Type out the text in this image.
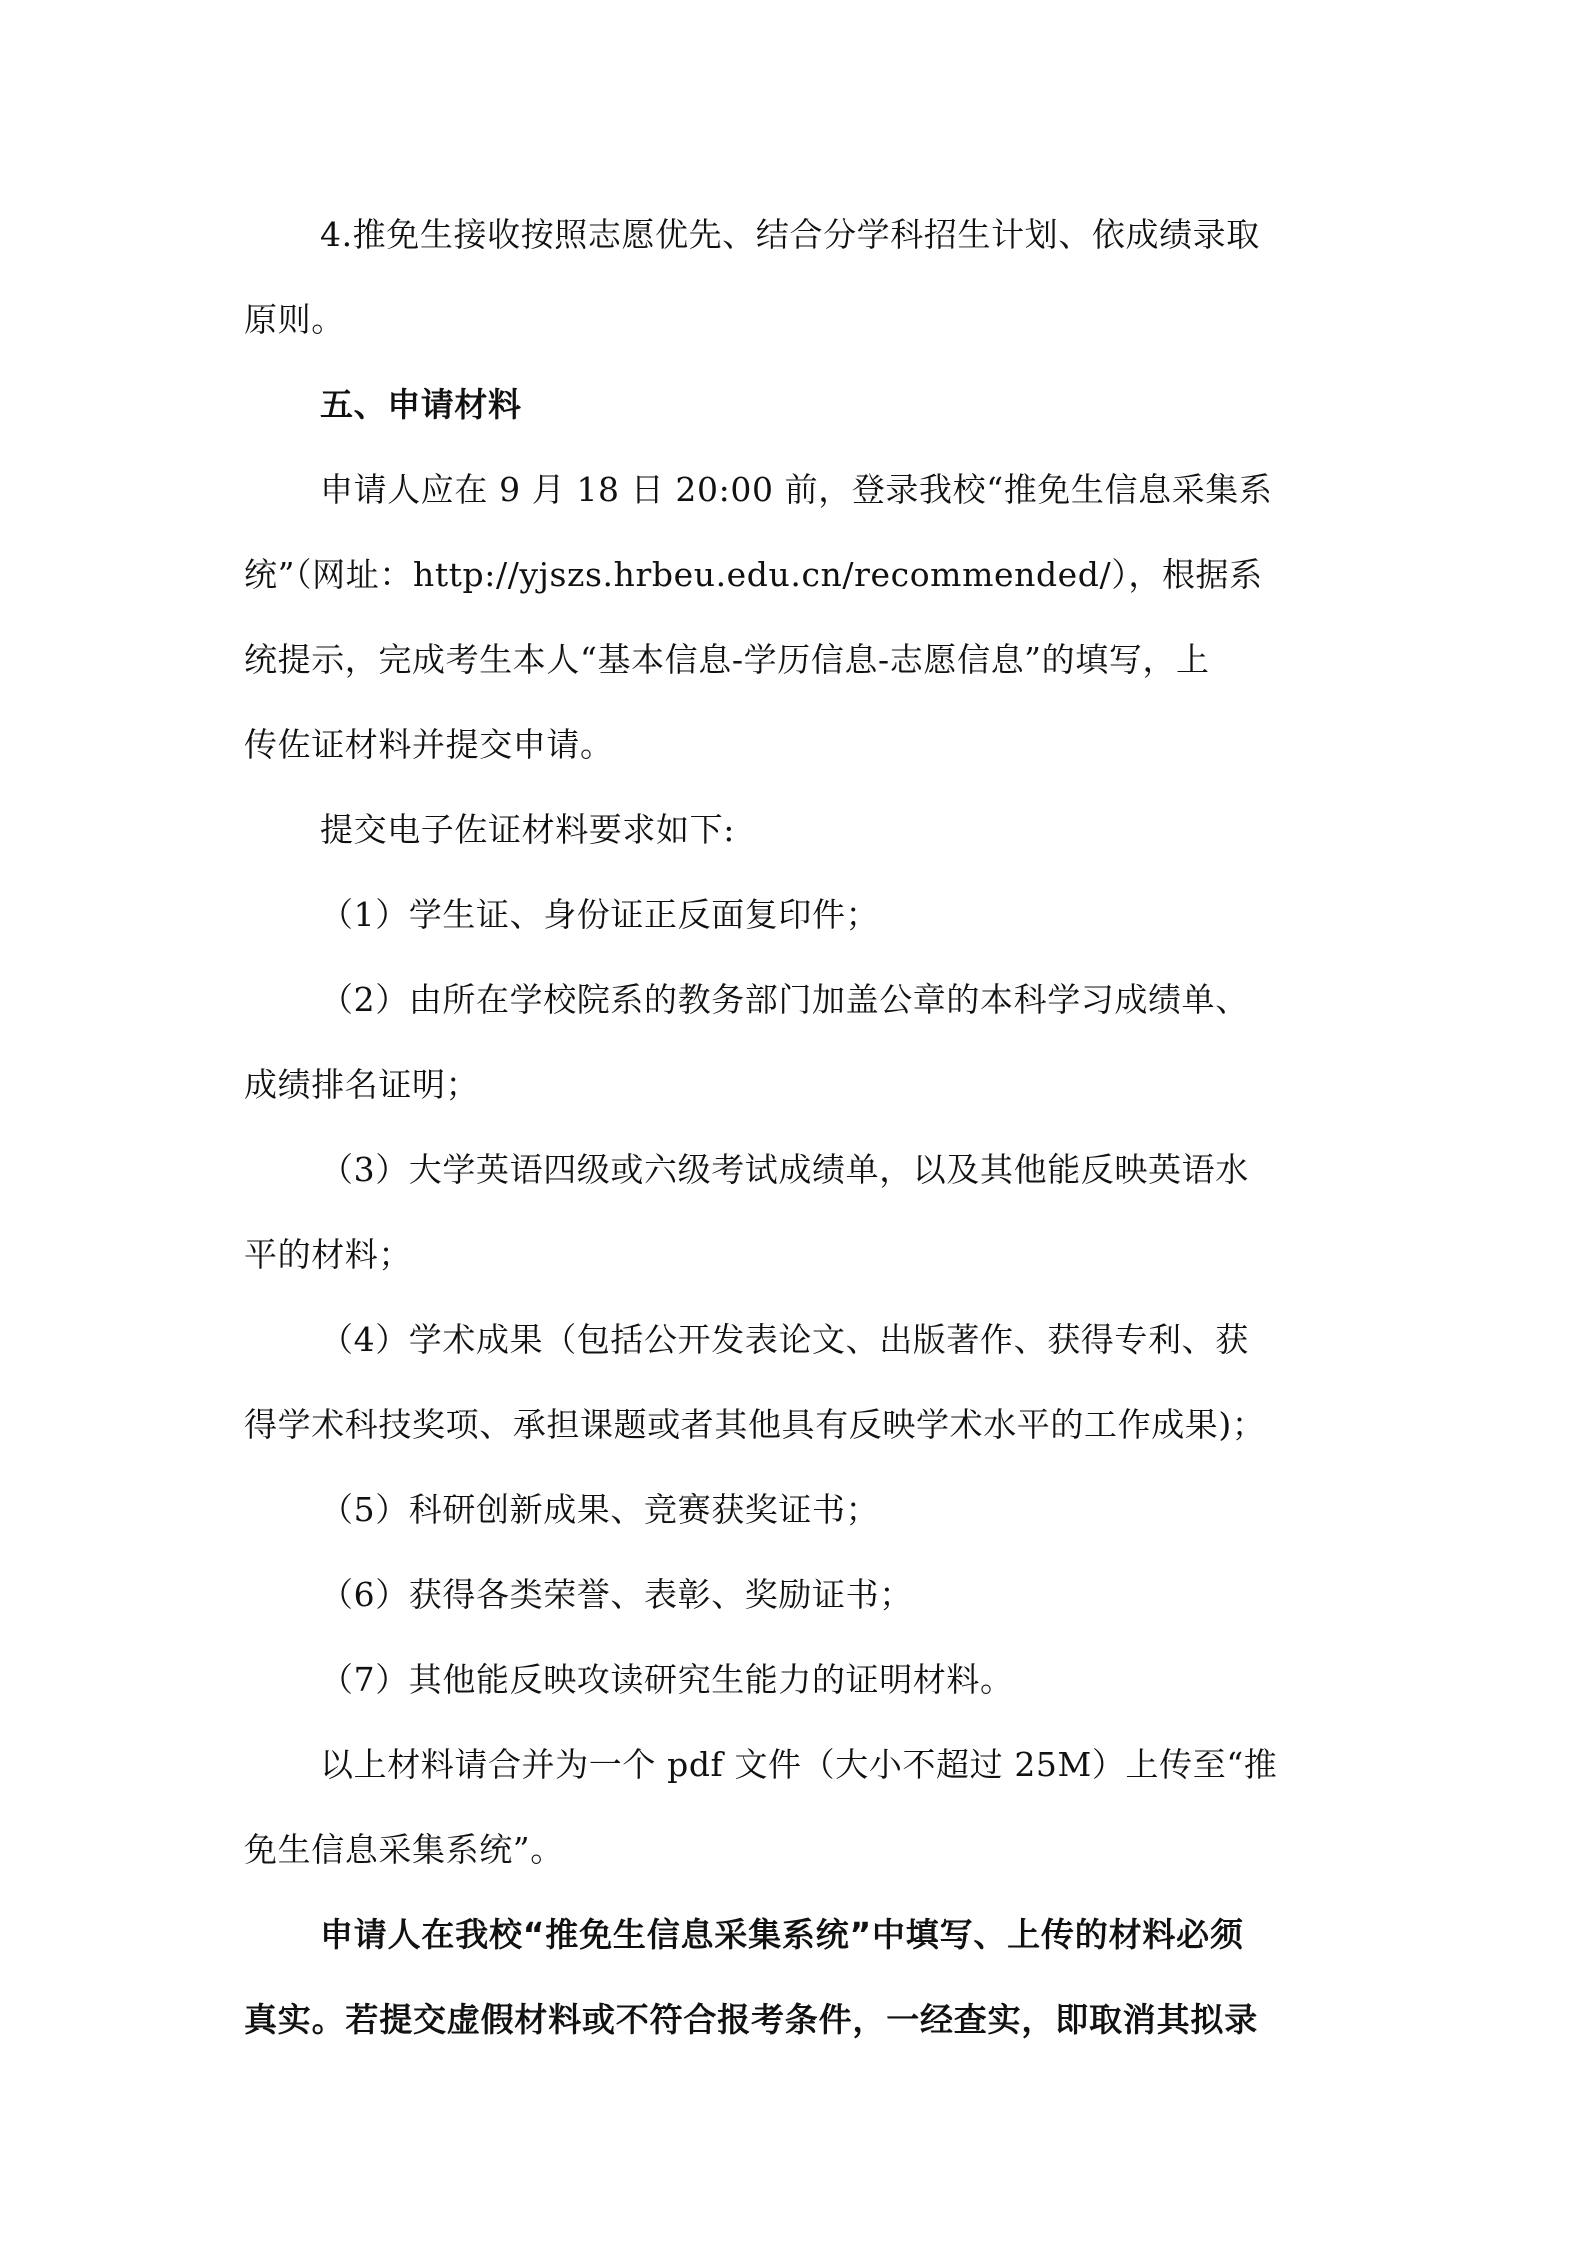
4.推免生接收按照志愿优先、结合分学科招生计划、依成绩录取
原则。
五、申请材料
申请人应在 9 月 18 日 20:00 前，登录我校“推免生信息采集系
统”（网址：http://yjszs.hrbeu.edu.cn/recommended/），根据系
统提示，完成考生本人“基本信息-学历信息-志愿信息”的填写，上
传佐证材料并提交申请。
提交电子佐证材料要求如下:
（1）学生证、身份证正反面复印件；
（2）由所在学校院系的教务部门加盖公章的本科学习成绩单、
成绩排名证明；
（3）大学英语四级或六级考试成绩单，以及其他能反映英语水
平的材料；
（4）学术成果（包括公开发表论文、出版著作、获得专利、获
得学术科技奖项、承担课题或者其他具有反映学术水平的工作成果)；
（5）科研创新成果、竞赛获奖证书；
（6）获得各类荣誉、表彰、奖励证书；
（7）其他能反映攻读研究生能力的证明材料。
以上材料请合并为一个 pdf 文件（大小不超过 25M）上传至“推
免生信息采集系统”。
申请人在我校“推免生信息采集系统”中填写、上传的材料必须
真实。若提交虚假材料或不符合报考条件，一经查实，即取消其拟录
